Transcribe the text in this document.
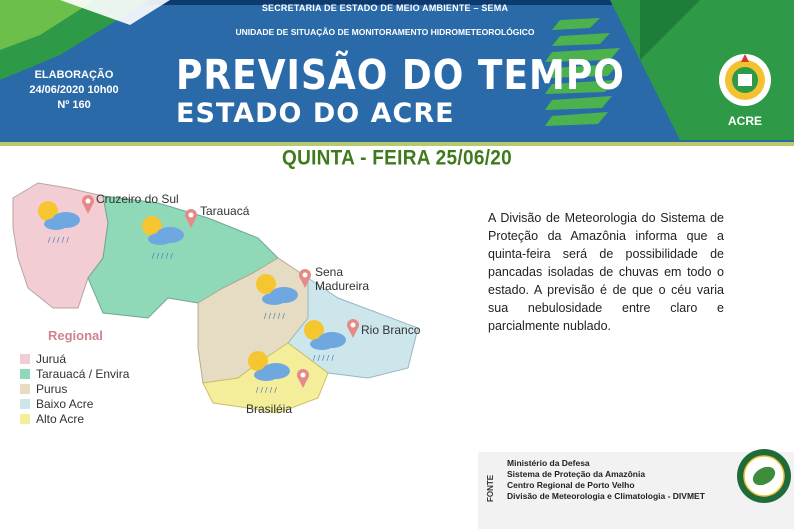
SECRETARIA DE ESTADO DE MEIO AMBIENTE – SEMA
UNIDADE DE SITUAÇÃO DE MONITORAMENTO HIDROMETEOROLÓGICO
ELABORAÇÃO
24/06/2020 10h00
Nº 160
PREVISÃO DO TEMPO
ESTADO DO ACRE	ACRE
QUINTA - FEIRA 25/06/20
/ / / / /
/ / / / /
/ / / / /
/ / / / /
/ / / / /
Cruzeiro do Sul
Tarauacá
Sena
Madureira
Rio Branco
Brasiléia
Regional
Juruá
Tarauacá / Envira
Purus
Baixo Acre
Alto Acre
A Divisão de Meteorologia do Sistema de Proteção da Amazônia informa que a quinta-feira será de possibilidade de pancadas isoladas de chuvas em todo o estado. A previsão é de que o céu varia sua nebulosidade entre claro e parcialmente nublado.
FONTE
Ministério da Defesa
Sistema de Proteção da Amazônia
Centro Regional de Porto Velho
Divisão de Meteorologia e Climatologia - DIVMET
